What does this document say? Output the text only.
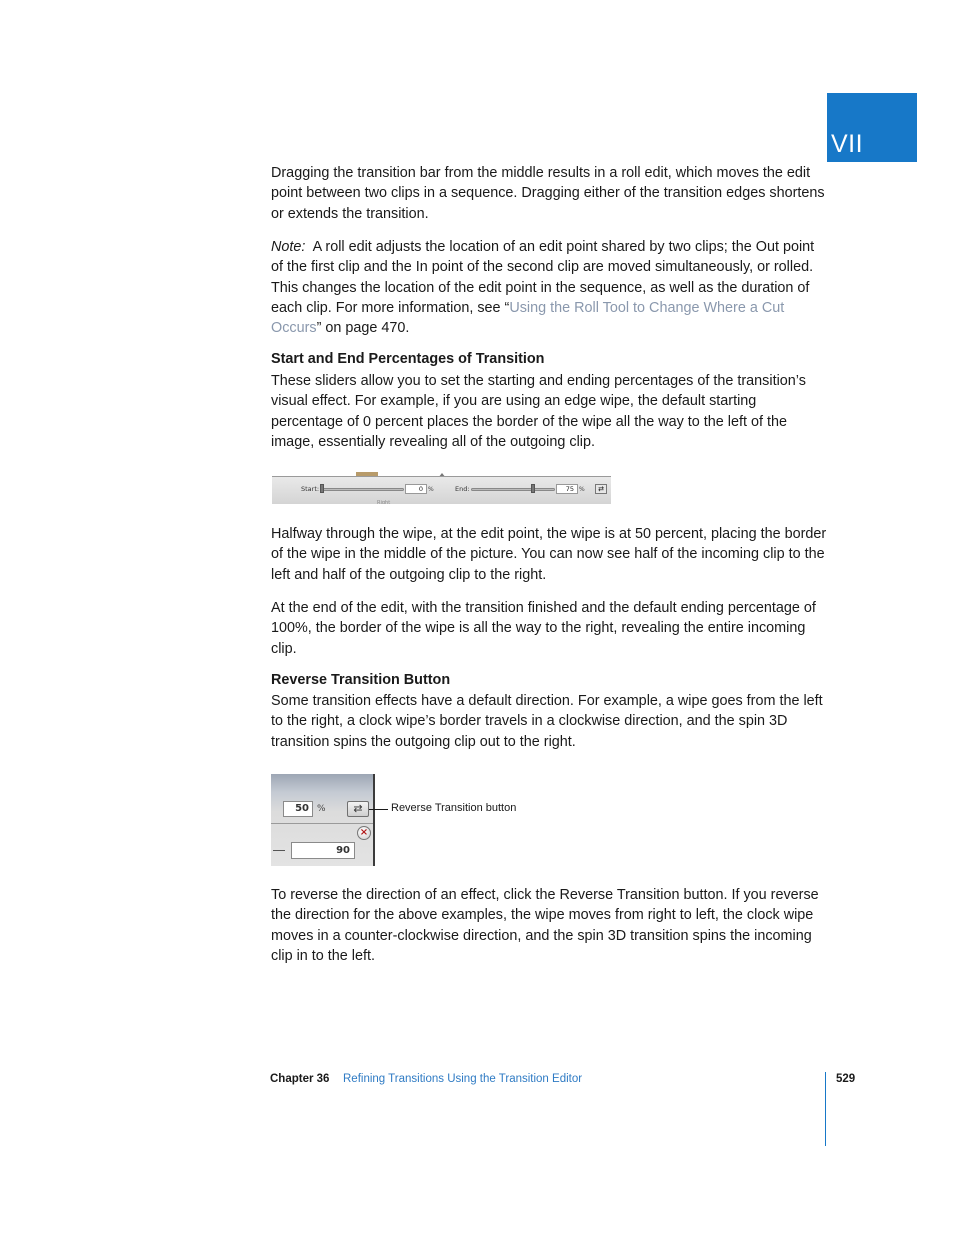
VII

Dragging the transition bar from the middle results in a roll edit, which moves the edit point between two clips in a sequence. Dragging either of the transition edges shortens or extends the transition.

Note: A roll edit adjusts the location of an edit point shared by two clips; the Out point of the first clip and the In point of the second clip are moved simultaneously, or rolled. This changes the location of the edit point in the sequence, as well as the duration of each clip. For more information, see “Using the Roll Tool to Change Where a Cut Occurs” on page 470.

Start and End Percentages of Transition

These sliders allow you to set the starting and ending percentages of the transition’s visual effect. For example, if you are using an edge wipe, the default starting percentage of 0 percent places the border of the wipe all the way to the left of the image, essentially revealing all of the outgoing clip.

Start:	0 %	End:	75 %	⇄
Right

Halfway through the wipe, at the edit point, the wipe is at 50 percent, placing the border of the wipe in the middle of the picture. You can now see half of the incoming clip to the left and half of the outgoing clip to the right.

At the end of the edit, with the transition finished and the default ending percentage of 100%, the border of the wipe is all the way to the right, revealing the entire incoming clip.

Reverse Transition Button

Some transition effects have a default direction. For example, a wipe goes from the left to the right, a clock wipe’s border travels in a clockwise direction, and the spin 3D transition spins the outgoing clip out to the right.

50 %	⇄
×
90
Reverse Transition button

To reverse the direction of an effect, click the Reverse Transition button. If you reverse the direction for the above examples, the wipe moves from right to left, the clock wipe moves in a counter-clockwise direction, and the spin 3D transition spins the incoming clip in to the left.

Chapter 36 Refining Transitions Using the Transition Editor	529
